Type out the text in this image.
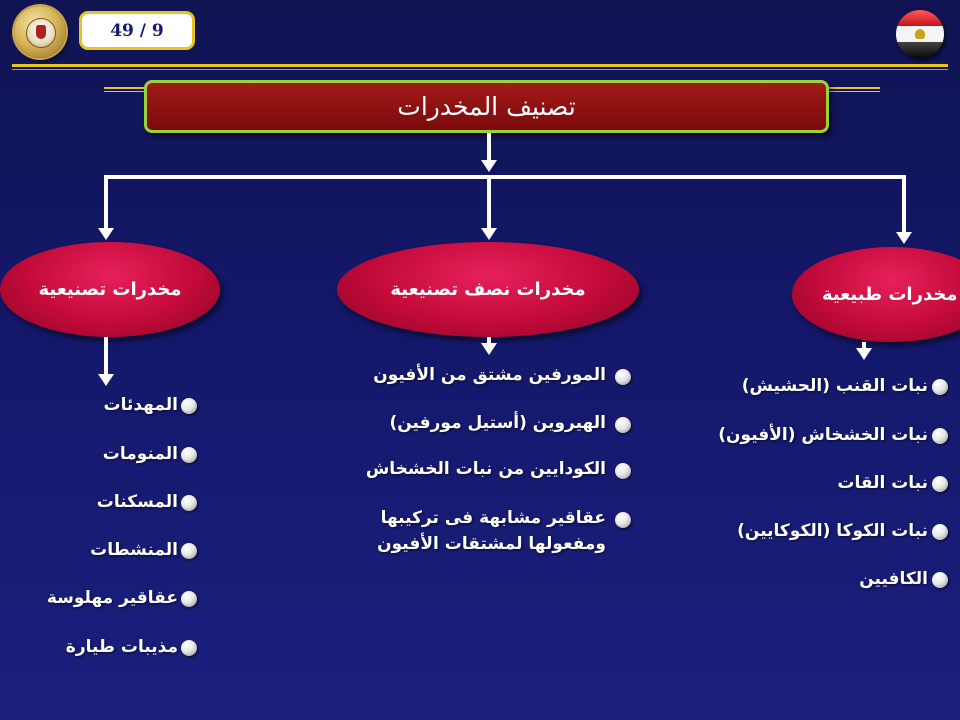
49 / 9
تصنيف المخدرات
مخدرات تصنيعية	مخدرات نصف تصنيعية	مخدرات طبيعية
المهدئات
المنومات
المسكنات
المنشطات
عقاقير مهلوسة
مذيبات طيارة
المورفين مشتق من الأفيون
الهيروين (أستيل مورفين)
الكودايين من نبات الخشخاش
عقاقير مشابهة فى تركيبها ومفعولها لمشتقات الأفيون
نبات القنب (الحشيش)
نبات الخشخاش (الأفيون)
نبات القات
نبات الكوكا (الكوكايين)
الكافيين
